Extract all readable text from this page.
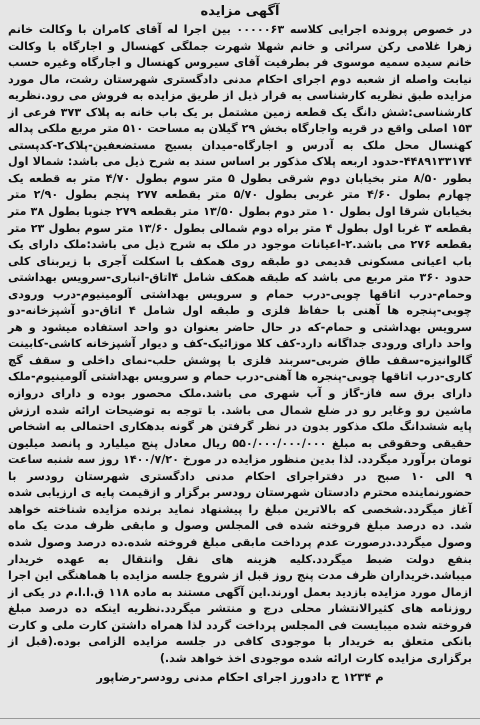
آگهی مزایده
در خصوص پرونده اجرایی کلاسه ۰۰۰۰۰۶۳ بین اجرا له آقای کامران با وکالت خانم زهرا غلامی رکن سرائی و خانم شهلا شهرت جملگی کهنسال و اجارگاه با وکالت خانم سیده سمیه موسوی فر بطرفیت آقای سیروس کهنسال و اجارگاه وغیره حسب نیابت واصله از شعبه دوم اجرای احکام مدنی دادگستری شهرستان رشت، مال مورد مزایده طبق نظریه کارشناسی به قرار ذیل از طریق مزایده به فروش می رود.نظریه کارشناسی:شش دانگ یک قطعه زمین مشتمل بر یک باب خانه به پلاک ۳۷۳ فرعی از ۱۵۳ اصلی واقع در قریه واجارگاه بخش ۲۹ گیلان به مساحت ۵۱۰ متر مربع ملکی پداله کهنسال محل ملک به آدرس و اجارگاه-میدان بسیج مستضعفین-پلاک۲-کدپستی ۴۴۸۹۱۳۳۱۷۴-حدود اربعه پلاک مذکور بر اساس سند به شرح ذیل می باشد: شمالا اول بطور ۸/۵۰ متر بخیابان دوم شرقی بطول ۵ متر سوم بطول ۴/۷۰ متر به قطعه یک چهارم بطول ۴/۶۰ متر غربی بطول ۵/۷۰ متر بقطعه ۲۷۷ پنجم بطول ۲/۹۰ متر بخیابان شرقا اول بطول ۱۰ متر دوم بطول ۱۳/۵۰ متر بقطعه ۲۷۹ جنوبا بطول ۳۸ متر بقطعه ۳ غربا اول بطول ۴ متر براه دوم شمالی بطول ۱۳/۶۰ متر سوم بطول ۲۳ متر بقطعه ۲۷۶ می باشد.۲-اعیانات موجود در ملک به شرح ذیل می باشد:ملک دارای یک باب اعیانی مسکونی قدیمی دو طبقه روی همکف با اسکلت آجری با زیربنای کلی حدود ۳۶۰ متر مربع می باشد که طبقه همکف شامل ۴اتاق-انباری-سرویس بهداشتی وحمام-درب اتاقها چوبی-درب حمام و سرویس بهداشتی آلومینیوم-درب ورودی چوبی-پنجره ها آهنی با حفاظ فلزی و طبقه اول شامل ۴ اتاق-دو آشپزخانه-دو سرویس بهداشتی و حمام-که در حال حاضر بعنوان دو واحد استفاده میشود و هر واحد دارای ورودی جداگانه دارد-کف کلا موزائیک-کف و دیوار آشپزخانه کاشی-کابینت گالوانیزه-سقف طاق ضربی-سربند فلزی با پوشش حلب-نمای داخلی و سقف گچ کاری-درب اتاقها چوبی-پنجره ها آهنی-درب حمام و سرویس بهداشتی آلومینیوم-ملک دارای برق سه فاز-گاز و آب شهری می باشد.ملک محصور بوده و دارای دروازه ماشین رو وغایر رو در ضلع شمال می باشد. با توجه به توضیحات ارائه شده ارزش پایه ششدانگ ملک مذکور بدون در نظر گرفتن هر گونه بدهکاری احتمالی به اشخاص حقیقی وحقوقی به مبلغ ۵۵۰/۰۰۰/۰۰۰/۰۰۰ ریال معادل پنج میلیارد و پانصد میلیون تومان برآورد میگردد. لذا بدین منظور مزایده در مورخ ۱۴۰۰/۷/۲۰ روز سه شنبه ساعت ۹ الی ۱۰ صبح در دفتراجرای احکام مدنی دادگستری شهرستان رودسر با حضورنماینده محترم دادستان شهرستان رودسر برگزار و ازقیمت پایه ی ارزیابی شده آغاز میگردد.شخصی که بالاترین مبلغ را پیشنهاد نماید برنده مزایده شناخته خواهد شد. ده درصد مبلغ فروخته شده فی المجلس وصول و مابقی ظرف مدت یک ماه وصول میگردد.درصورت عدم پرداخت مابقی مبلغ فروخته شده.ده درصد وصول شده بنفع دولت ضبط میگردد.کلیه هزینه های نقل وانتقال به عهده خریدار میباشد.خریداران ظرف مدت پنج روز قبل از شروع جلسه مزایده با هماهنگی این اجرا ازمال مورد مزایده بازدید بعمل اورند.این آگهی مستند به ماده ۱۱۸ ق.ا.ا.م در یکی از روزنامه های کثیرالانتشار محلی درج و منتشر میگردد.نظریه اینکه ده درصد مبلغ فروخته شده میبایست فی المجلس پرداخت گردد لذا همراه داشتن کارت ملی و کارت بانکی متعلق به خریدار با موجودی کافی در جلسه مزایده الزامی بوده.(قبل از برگزاری مزایده کارت ارائه شده موجودی اخذ خواهد شد.)
م ۱۲۳۴ ح دادورز اجرای احکام مدنی رودسر-رضاپور
